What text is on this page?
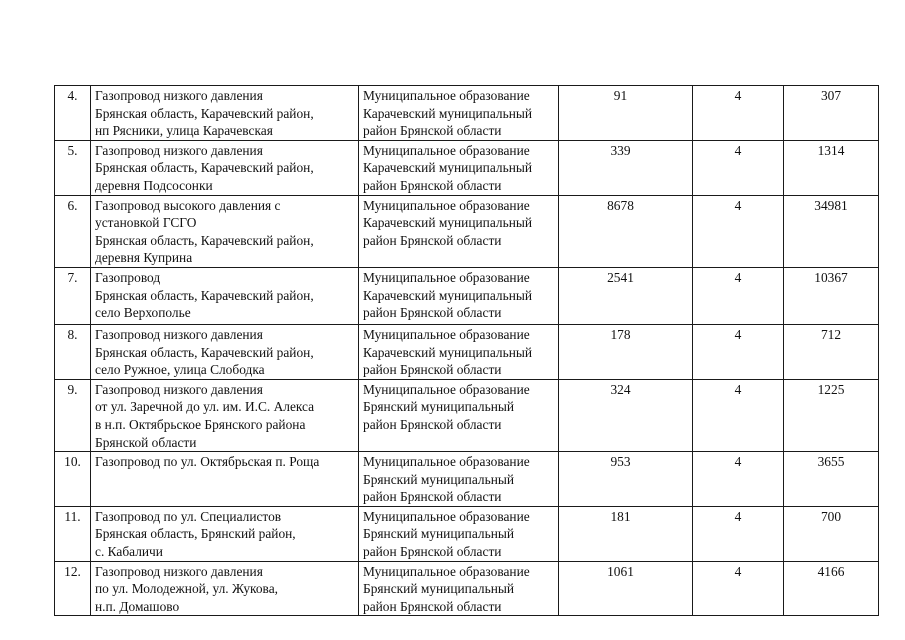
4.	Газопровод низкого давления
Брянская область, Карачевский район,
нп Рясники, улица Карачевская	Муниципальное образование
Карачевский муниципальный
район Брянской области	91	4	307
5.	Газопровод низкого давления
Брянская область, Карачевский район,
деревня Подсосонки	Муниципальное образование
Карачевский муниципальный
район Брянской области	339	4	1314
6.	Газопровод высокого давления с
установкой ГСГО
Брянская область, Карачевский район,
деревня Куприна	Муниципальное образование
Карачевский муниципальный
район Брянской области	8678	4	34981
7.	Газопровод
Брянская область, Карачевский район,
село Верхополье	Муниципальное образование
Карачевский муниципальный
район Брянской области	2541	4	10367
8.	Газопровод низкого давления
Брянская область, Карачевский район,
село Ружное, улица Слободка	Муниципальное образование
Карачевский муниципальный
район Брянской области	178	4	712
9.	Газопровод низкого давления
от ул. Заречной до ул. им. И.С. Алекса
в н.п. Октябрьское Брянского района
Брянской области	Муниципальное образование
Брянский муниципальный
район Брянской области	324	4	1225
10.	Газопровод по ул. Октябрьская п. Роща	Муниципальное образование
Брянский муниципальный
район Брянской области	953	4	3655
11.	Газопровод по ул. Специалистов
Брянская область, Брянский район,
с. Кабаличи	Муниципальное образование
Брянский муниципальный
район Брянской области	181	4	700
12.	Газопровод низкого давления
по ул. Молодежной, ул. Жукова,
н.п. Домашово	Муниципальное образование
Брянский муниципальный
район Брянской области	1061	4	4166
